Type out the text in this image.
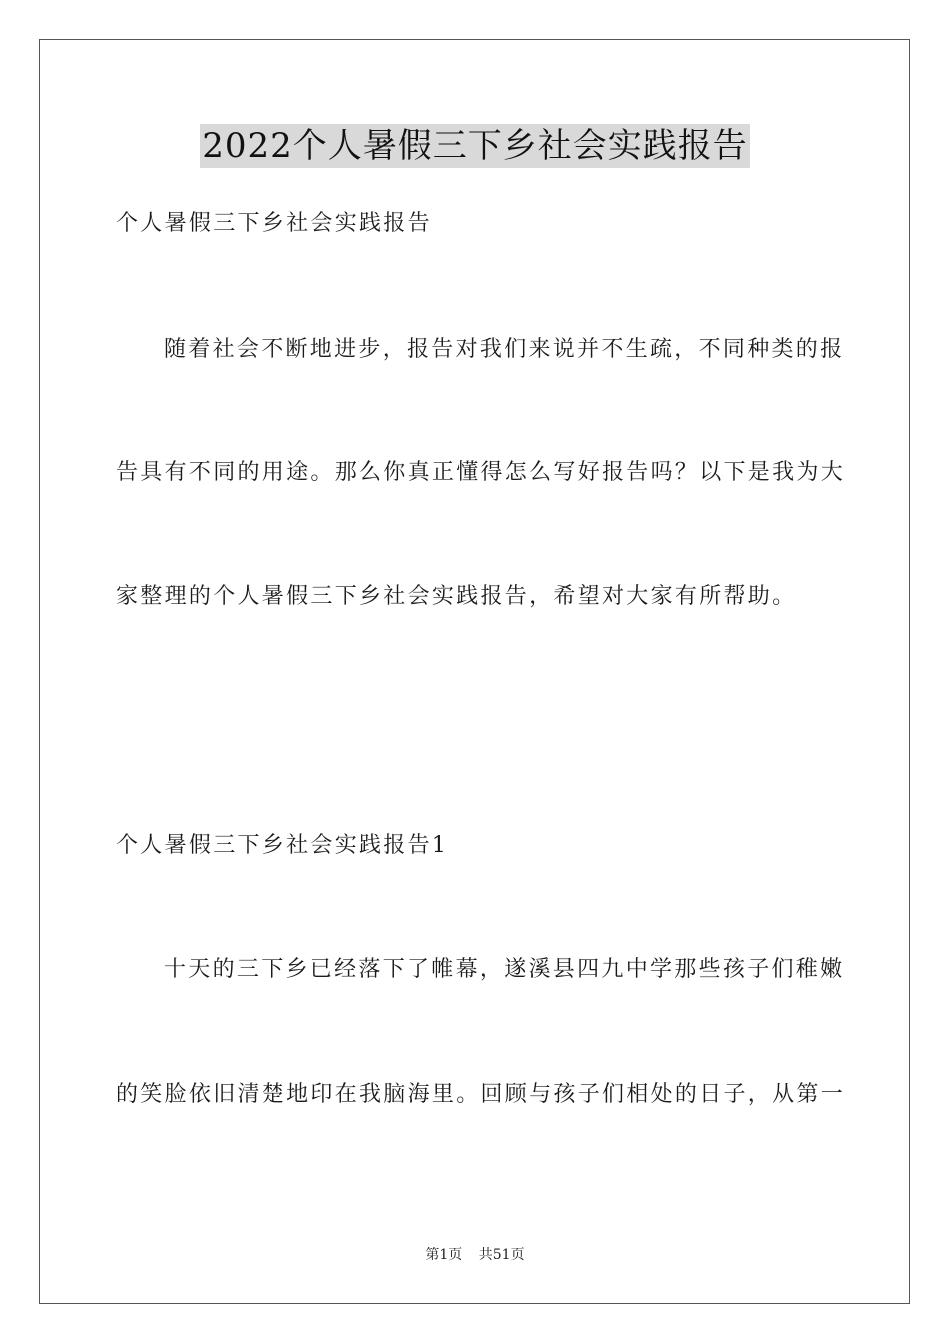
2022个人暑假三下乡社会实践报告
个人暑假三下乡社会实践报告
随着社会不断地进步，报告对我们来说并不生疏，不同种类的报
告具有不同的用途。那么你真正懂得怎么写好报告吗？以下是我为大
家整理的个人暑假三下乡社会实践报告，希望对大家有所帮助。
个人暑假三下乡社会实践报告1
十天的三下乡已经落下了帷幕，遂溪县四九中学那些孩子们稚嫩
的笑脸依旧清楚地印在我脑海里。回顾与孩子们相处的日子，从第一
第1页 共51页
